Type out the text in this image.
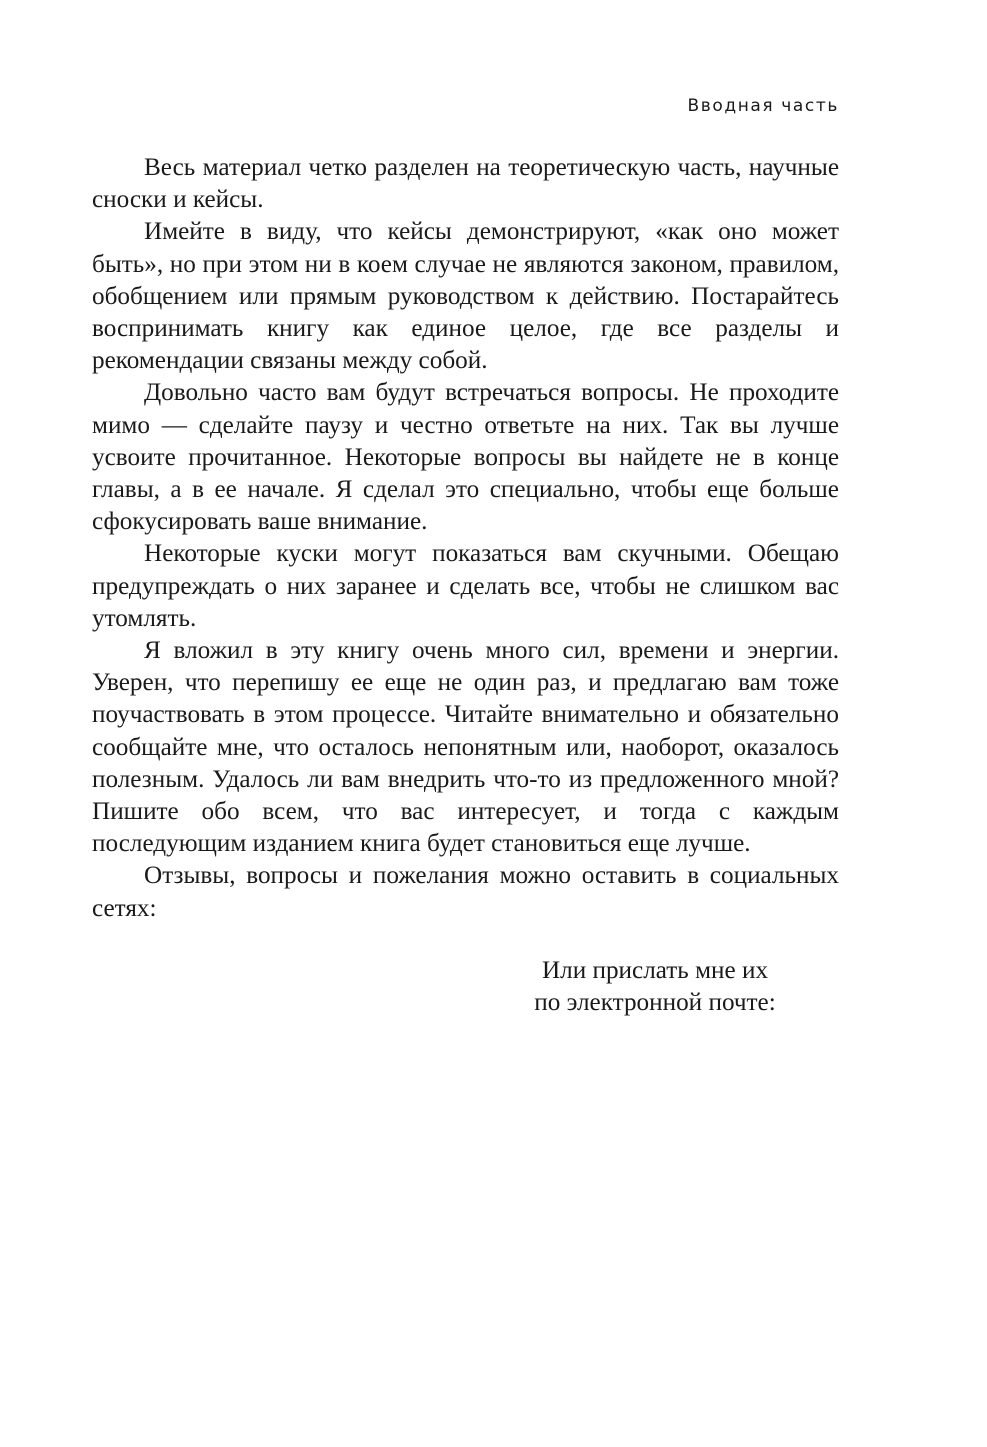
Вводная часть

Весь материал четко разделен на теоретическую часть, научные сноски и кейсы.

Имейте в виду, что кейсы демонстрируют, «как оно может быть», но при этом ни в коем случае не являются законом, правилом, обобщением или прямым руководством к действию. Постарайтесь воспринимать книгу как единое целое, где все разделы и рекомендации связаны между собой.

Довольно часто вам будут встречаться вопросы. Не проходите мимо — сделайте паузу и честно ответьте на них. Так вы лучше усвоите прочитанное. Некоторые вопросы вы найдете не в конце главы, а в ее начале. Я сделал это специально, чтобы еще больше сфокусировать ваше внимание.

Некоторые куски могут показаться вам скучными. Обещаю предупреждать о них заранее и сделать все, чтобы не слишком вас утомлять.

Я вложил в эту книгу очень много сил, времени и энергии. Уверен, что перепишу ее еще не один раз, и предлагаю вам тоже поучаствовать в этом процессе. Читайте внимательно и обязательно сообщайте мне, что осталось непонятным или, наоборот, оказалось полезным. Удалось ли вам внедрить что-то из предложенного мной? Пишите обо всем, что вас интересует, и тогда с каждым последующим изданием книга будет становиться еще лучше.

Отзывы, вопросы и пожелания можно оставить в социальных сетях:

Или прислать мне их
по электронной почте:
